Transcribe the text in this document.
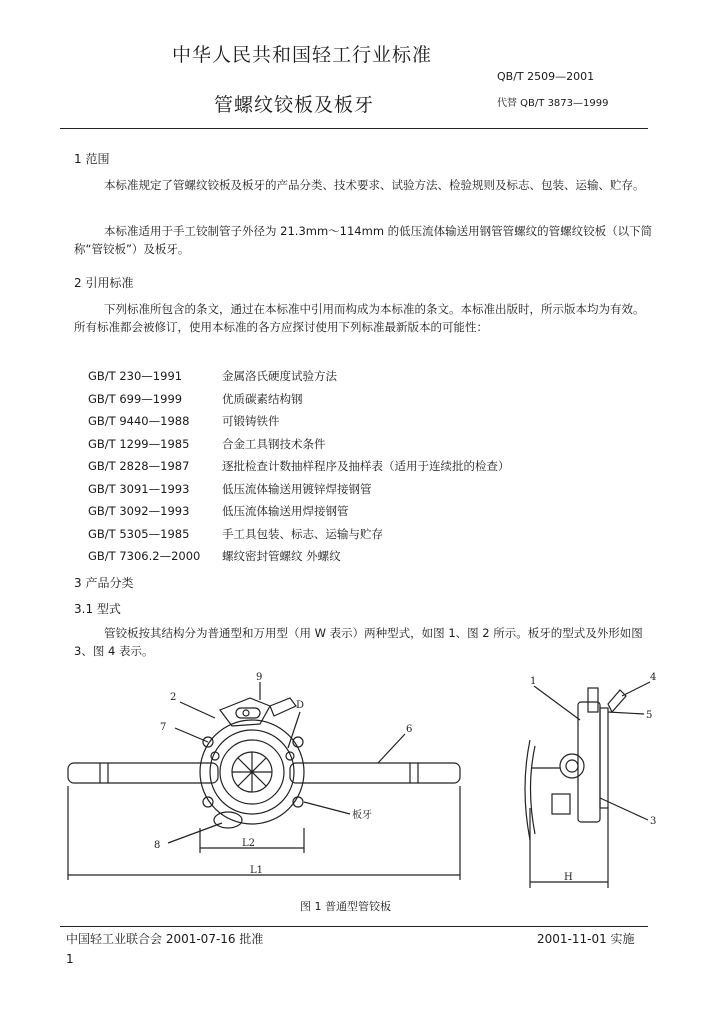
中华人民共和国轻工行业标准
QB/T 2509—2001
管螺纹铰板及板牙	代替 QB/T 3873—1999
1 范围
本标准规定了管螺纹铰板及板牙的产品分类、技术要求、试验方法、检验规则及标志、包装、运输、贮存。
本标准适用于手工铰制管子外径为 21.3mm～114mm 的低压流体输送用钢管管螺纹的管螺纹铰板（以下简称“管铰板”）及板牙。
2 引用标准
下列标准所包含的条文，通过在本标准中引用而构成为本标准的条文。本标准出版时，所示版本均为有效。所有标准都会被修订，使用本标准的各方应探讨使用下列标准最新版本的可能性：
GB/T 230—1991	金属洛氏硬度试验方法
GB/T 699—1999	优质碳素结构钢
GB/T 9440—1988	可锻铸铁件
GB/T 1299—1985	合金工具钢技术条件
GB/T 2828—1987	逐批检查计数抽样程序及抽样表（适用于连续批的检查）
GB/T 3091—1993	低压流体输送用镀锌焊接钢管
GB/T 3092—1993	低压流体输送用焊接钢管
GB/T 5305—1985	手工具包装、标志、运输与贮存
GB/T 7306.2—2000 螺纹密封管螺纹 外螺纹
3 产品分类
3.1 型式
管铰板按其结构分为普通型和万用型（用 W 表示）两种型式，如图 1、图 2 所示。板牙的型式及外形如图 3、图 4 表示。
2
7
9
D
6
8
板牙
L2
L1
1	4
5
3
H
图 1 普通型管铰板
中国轻工业联合会 2001-07-16 批准	2001-11-01 实施
1
